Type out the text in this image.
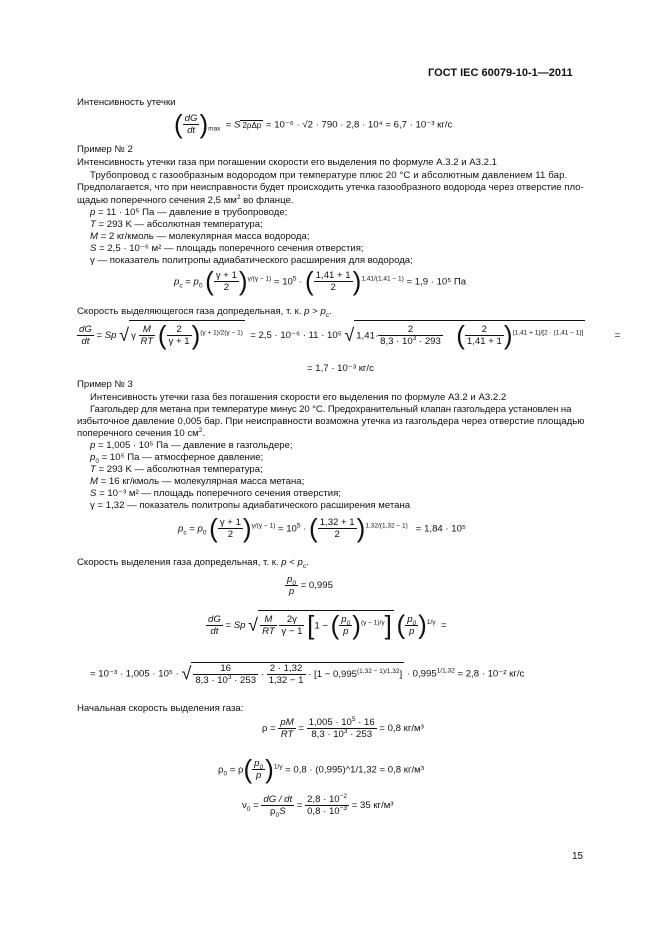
ГОСТ IEC 60079-10-1—2011
Интенсивность утечки
( $\frac{dG}{dt} )_{max} = S$ 2ρΔp = 10⁻⁶ · √2 · 790 · 2,8 · 10⁴ = 6,7 · 10⁻³ кг/с
Пример № 2
Интенсивность утечки газа при погашении скорости его выделения по формуле А.3.2 и А3.2.1
Трубопровод с газообразным водородом при температуре плюс 20 °С и абсолютным давлением 11 бар.
Предполагается, что при неисправности будет происходить утечка газообразного водорода через отверстие пло-
щадью поперечного сечения 2,5 $мм^2$ во фланце.
p = 11 · 10⁵ Па — давление в трубопроводе;
T = 293 K — абсолютная температура;
M = 2 кг/кмоль — молекулярная масса водорода;
S = 2,5 · 10⁻⁶ м² — площадь поперечного сечения отверстия;
γ — показатель политропы адиабатического расширения для водорода;
$p_c = p_0$ ( $\frac{\gamma + 1}{2} )^{\gamma/(\gamma - 1)} = 10^5$ · ( $\frac{1,41 + 1}{2} )^{1,41/(1,41 - 1)} = 1,9 \cdot 10^5$ Па
Скорость выделяющегося газа допредельная, т. к. $p > p_c$.
$\frac{dG}{dt} = Sp$ √ γ $\frac{M}{RT}$ ( $\frac{2}{\gamma + 1} )^{(\gamma + 1)/2(\gamma - 1)} = 2,5 \cdot 10^{-6} \cdot 11 \cdot 10^5$ √ $1,41\cdot \frac{2}{8,3 \cdot 10^3 \cdot 293}$ ( $\frac{2}{1,41 + 1} )^{(1,41 + 1)/[2 \cdot (1,41 - 1)]}$	=
= 1,7 · 10⁻³ кг/с
Пример № 3
Интенсивность утечки газа без погашения скорости его выделения по формуле А3.2 и А3.2.2
Газгольдер для метана при температуре минус 20 °С. Предохранительный клапан газгольдера установлен на
избыточное давление 0,005 бар. При неисправности возможна утечка из газгольдера через отверстие площадью
поперечного сечения 10 $см^2$.
p = 1,005 · 10⁵ Па — давление в газгольдере;
$p_0 = 10^5$ Па — атмосферное давление;
T = 293 K — абсолютная температура;
M = 16 кг/кмоль — молекулярная масса метана;
S = 10⁻³ м² — площадь поперечного сечения отверстия;
γ = 1,32 — показатель политропы адиабатического расширения метана
$p_c = p_0$ ( $\frac{\gamma + 1}{2} )^{\gamma/(\gamma - 1)} = 10^5$ · ( $\frac{1,32 + 1}{2} )^{1,32/(1,32 - 1)} = 1,84 \cdot 10^5$
Скорость выделения газа допредельная, т. к. $p < p_c$.
$\frac{p_0}{p} = 0,995$
$\frac{dG}{dt} = Sp$ √ $\frac{M}{RT}$
$\frac{2\gamma}{\gamma - 1} [1$ − ( $\frac{p_0}{p} )^{(\gamma - 1)/\gamma}$] ( $\frac{p_0}{p} )^{1/\gamma}$ =
= 10⁻³ · 1,005 · 10⁵ · √ $\frac{16}{8,3 \cdot 10^3 \cdot 253} \cdot \frac{2 \cdot 1,32}{1,32 - 1} \cdot [1 - 0,995^{(1,32 - 1)/1,32}] \cdot 0,995^{1/1,32} = 2,8 \cdot 10^{-2}$ кг/с
Начальная скорость выделения газа:
$\rho = \frac{pM}{RT} = \frac{1,005 \cdot 10^5 \cdot 16}{8,3 \cdot 10^3 \cdot 253} = 0,8$ кг/м³
$\rho_0 = \rho( \frac{p_0}{p} )^{1/\gamma} = 0,8$ · (0,995)^1/1,32 = 0,8 кг/м³
$\nu_0 = \frac{dG / dt}{\rho_0S} = \frac{2,8 \cdot 10^{-2}}{0,8 \cdot 10^{-3}} = 35$ кг/м³
15
